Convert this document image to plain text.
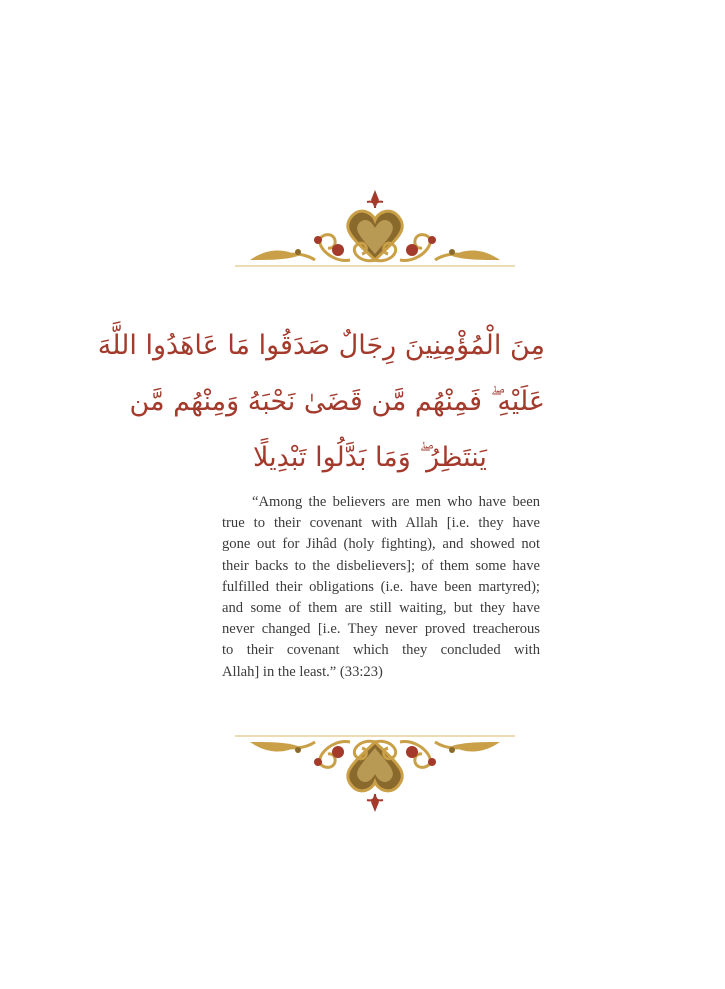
مِنَ الْمُؤْمِنِينَ رِجَالٌ صَدَقُوا مَا عَاهَدُوا اللَّهَ
عَلَيْهِ ۖ فَمِنْهُم مَّن قَضَىٰ نَحْبَهُ وَمِنْهُم مَّن
يَنتَظِرُ ۖ وَمَا بَدَّلُوا تَبْدِيلًا
“Among the believers are men who have been
true to their covenant with Allah [i.e. they have
gone out for Jihâd (holy fighting), and showed not
their backs to the disbelievers]; of them some have
fulfilled their obligations (i.e. have been martyred);
and some of them are still waiting, but they have
never changed [i.e. They never proved treacherous
to their covenant which they concluded with
Allah] in the least.” (33:23)
